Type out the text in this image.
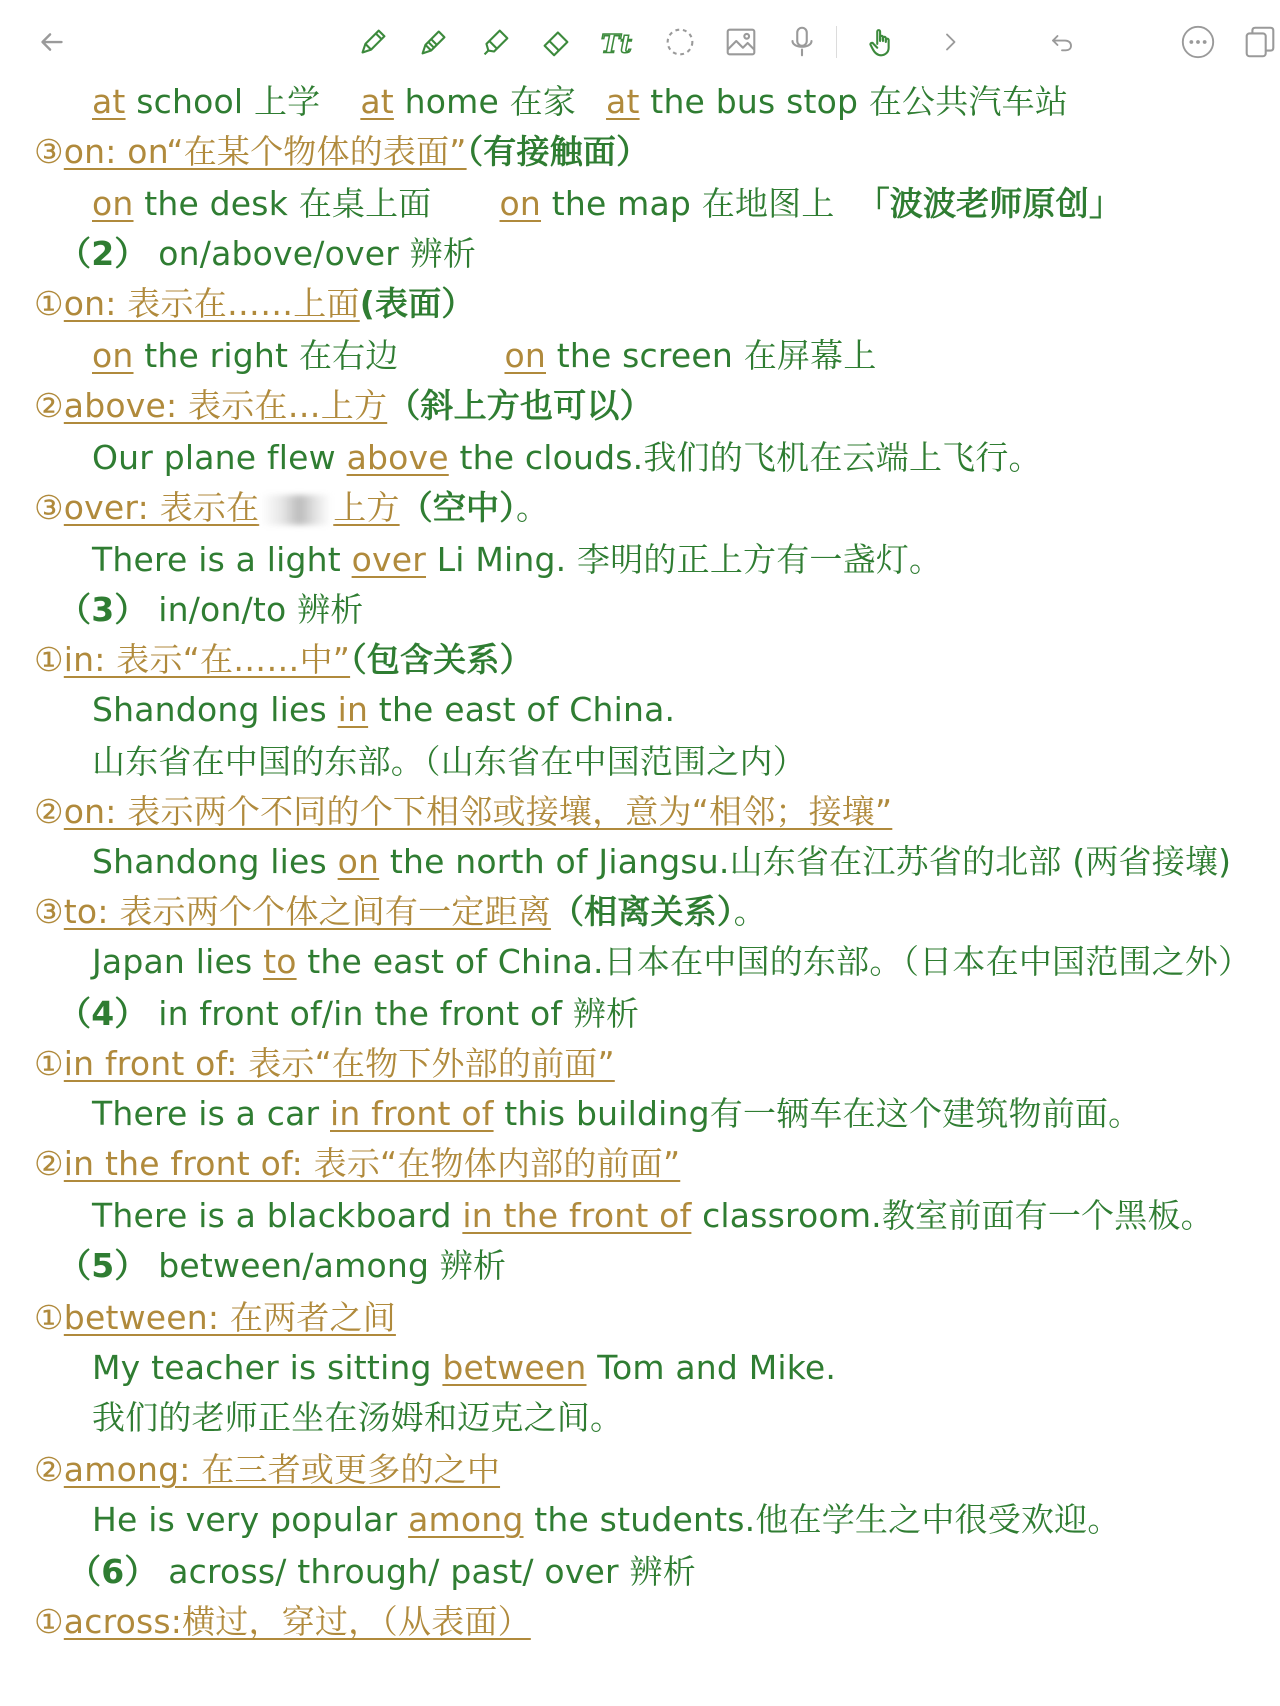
Tt
at school 上学 at home 在家 at the bus stop 在公共汽车站
③on: on“在某个物体的表面”（有接触面）
on the desk 在桌上面 on the map 在地图上 「波波老师原创」
（2） on/above/over 辨析
①on: 表示在……上面(表面）
on the right 在右边	on the screen 在屏幕上
②above: 表示在…上方（斜上方也可以）
Our plane flew above the clouds.我们的飞机在云端上飞行。
③over: 表示在 上方（空中）。
There is a light over Li Ming. 李明的正上方有一盏灯。
（3） in/on/to 辨析
①in: 表示“在……中”（包含关系）
Shandong lies in the east of China.
山东省在中国的东部。（山东省在中国范围之内）
②on: 表示两个不同的个下相邻或接壤，意为“相邻；接壤”
Shandong lies on the north of Jiangsu.山东省在江苏省的北部 (两省接壤)
③to: 表示两个个体之间有一定距离（相离关系）。
Japan lies to the east of China.日本在中国的东部。（日本在中国范围之外）
（4） in front of/in the front of 辨析
①in front of: 表示“在物下外部的前面”
There is a car in front of this building有一辆车在这个建筑物前面。
②in the front of: 表示“在物体内部的前面”
There is a blackboard in the front of classroom.教室前面有一个黑板。
（5） between/among 辨析
①between: 在两者之间
My teacher is sitting between Tom and Mike.
我们的老师正坐在汤姆和迈克之间。
②among: 在三者或更多的之中
He is very popular among the students.他在学生之中很受欢迎。
（6） across/ through/ past/ over 辨析
①across:横过，穿过，（从表面）
